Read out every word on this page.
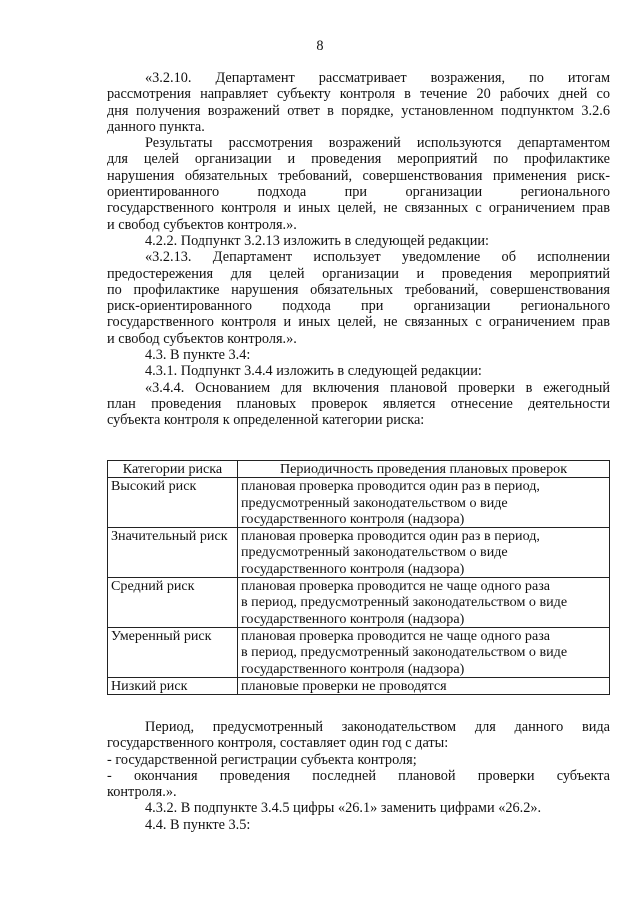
8

«3.2.10. Департамент рассматривает возражения, по итогам

рассмотрения направляет субъекту контроля в течение 20 рабочих дней со

дня получения возражений ответ в порядке, установленном подпунктом 3.2.6

данного пункта.

Результаты рассмотрения возражений используются департаментом

для целей организации и проведения мероприятий по профилактике

нарушения обязательных требований, совершенствования применения риск-

ориентированного подхода при организации регионального

государственного контроля и иных целей, не связанных с ограничением прав

и свобод субъектов контроля.».

4.2.2. Подпункт 3.2.13 изложить в следующей редакции:

«3.2.13. Департамент использует уведомление об исполнении

предостережения для целей организации и проведения мероприятий

по профилактике нарушения обязательных требований, совершенствования

риск-ориентированного подхода при организации регионального

государственного контроля и иных целей, не связанных с ограничением прав

и свобод субъектов контроля.».

4.3. В пункте 3.4:

4.3.1. Подпункт 3.4.4 изложить в следующей редакции:

«3.4.4. Основанием для включения плановой проверки в ежегодный

план проведения плановых проверок является отнесение деятельности

субъекта контроля к определенной категории риска:

Категории риска	Периодичность проведения плановых проверок
Высокий риск	плановая проверка проводится один раз в период,
предусмотренный законодательством о виде
государственного контроля (надзора)

Значительный риск	плановая проверка проводится один раз в период,
предусмотренный законодательством о виде
государственного контроля (надзора)

Средний риск	плановая проверка проводится не чаще одного раза
в период, предусмотренный законодательством о виде
государственного контроля (надзора)

Умеренный риск	плановая проверка проводится не чаще одного раза
в период, предусмотренный законодательством о виде
государственного контроля (надзора)

Низкий риск	плановые проверки не проводятся

Период, предусмотренный законодательством для данного вида

государственного контроля, составляет один год с даты:

- государственной регистрации субъекта контроля;

- окончания проведения последней плановой проверки субъекта

контроля.».

4.3.2. В подпункте 3.4.5 цифры «26.1» заменить цифрами «26.2».

4.4. В пункте 3.5:
